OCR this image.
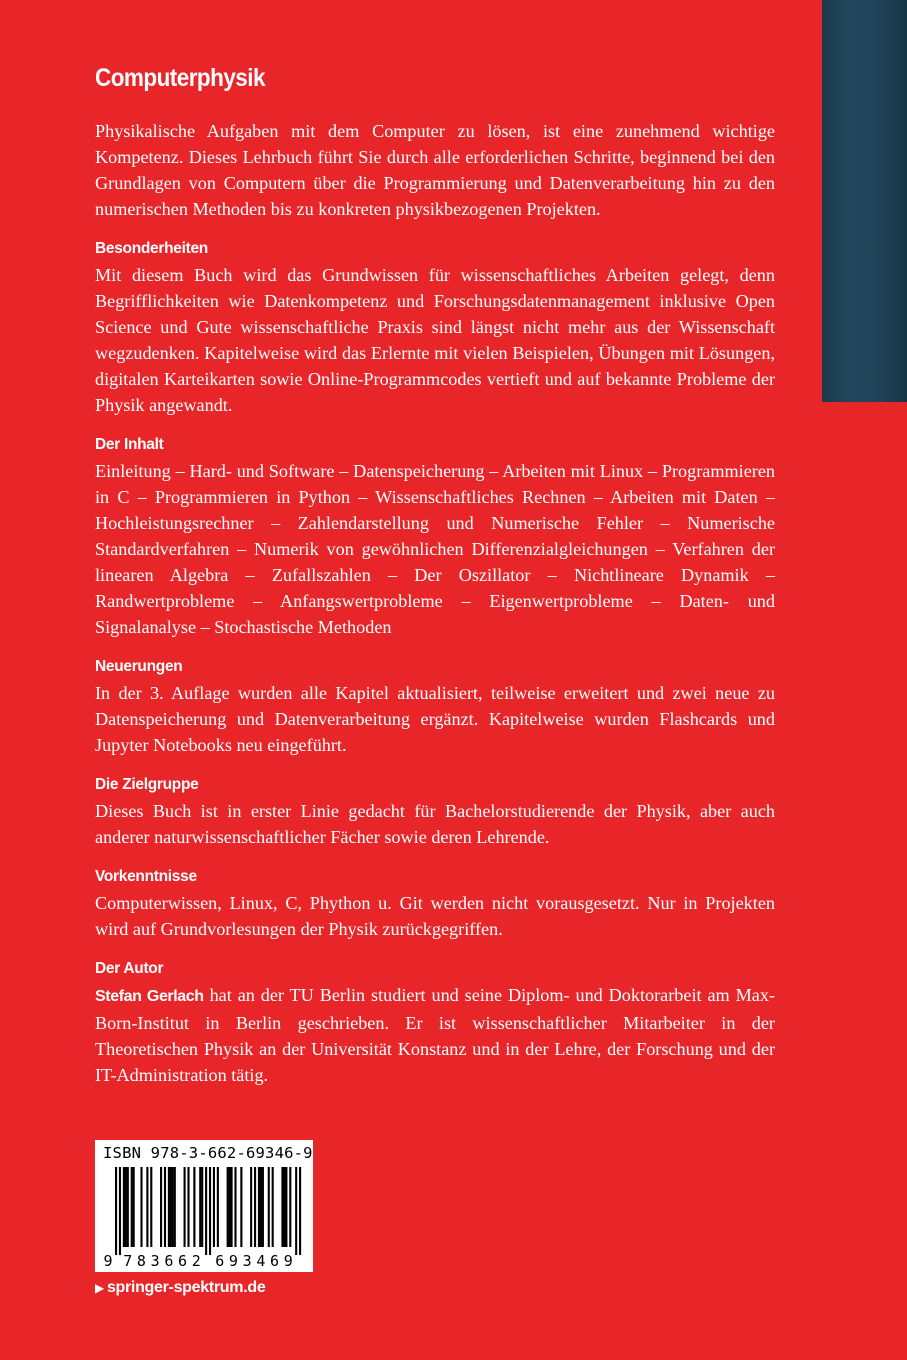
Computerphysik

Physikalische Aufgaben mit dem Computer zu lösen, ist eine zunehmend wichtige Kompetenz. Dieses Lehrbuch führt Sie durch alle erforderlichen Schritte, beginnend bei den Grundlagen von Computern über die Programmierung und Datenverarbeitung hin zu den numerischen Methoden bis zu konkreten physikbezogenen Projekten.

Besonderheiten

Mit diesem Buch wird das Grundwissen für wissenschaftliches Arbeiten gelegt, denn Begrifflichkeiten wie Datenkompetenz und Forschungsdatenmanagement inklusive Open Science und Gute wissenschaftliche Praxis sind längst nicht mehr aus der Wissenschaft wegzudenken. Kapitelweise wird das Erlernte mit vielen Beispielen, Übungen mit Lösungen, digitalen Karteikarten sowie Online-Programmcodes vertieft und auf bekannte Probleme der Physik angewandt.

Der Inhalt

Einleitung – Hard- und Software – Datenspeicherung – Arbeiten mit Linux – Programmieren in C – Programmieren in Python – Wissenschaftliches Rechnen – Arbeiten mit Daten – Hochleistungsrechner – Zahlendarstellung und Numerische Fehler – Numerische Standardverfahren – Numerik von gewöhnlichen Differenzialgleichungen – Verfahren der linearen Algebra – Zufallszahlen – Der Oszillator – Nichtlineare Dynamik – Randwertprobleme – Anfangswertprobleme – Eigenwertprobleme – Daten- und Signalanalyse – Stochastische Methoden

Neuerungen

In der 3. Auflage wurden alle Kapitel aktualisiert, teilweise erweitert und zwei neue zu Datenspeicherung und Datenverarbeitung ergänzt. Kapitelweise wurden Flashcards und Jupyter Notebooks neu eingeführt.

Die Zielgruppe

Dieses Buch ist in erster Linie gedacht für Bachelorstudierende der Physik, aber auch anderer naturwissenschaftlicher Fächer sowie deren Lehrende.

Vorkenntnisse

Computerwissen, Linux, C, Phython u. Git werden nicht vorausgesetzt. Nur in Projekten wird auf Grundvorlesungen der Physik zurückgegriffen.

Der Autor

Stefan Gerlach hat an der TU Berlin studiert und seine Diplom- und Doktorarbeit am Max-Born-Institut in Berlin geschrieben. Er ist wissenschaftlicher Mitarbeiter in der Theoretischen Physik an der Universität Konstanz und in der Lehre, der Forschung und der IT-Administration tätig.

ISBN 978-3-662-69346-9
9 7 8 3 6 6 2 6 9 3 4 6 9
▶ springer-spektrum.de
